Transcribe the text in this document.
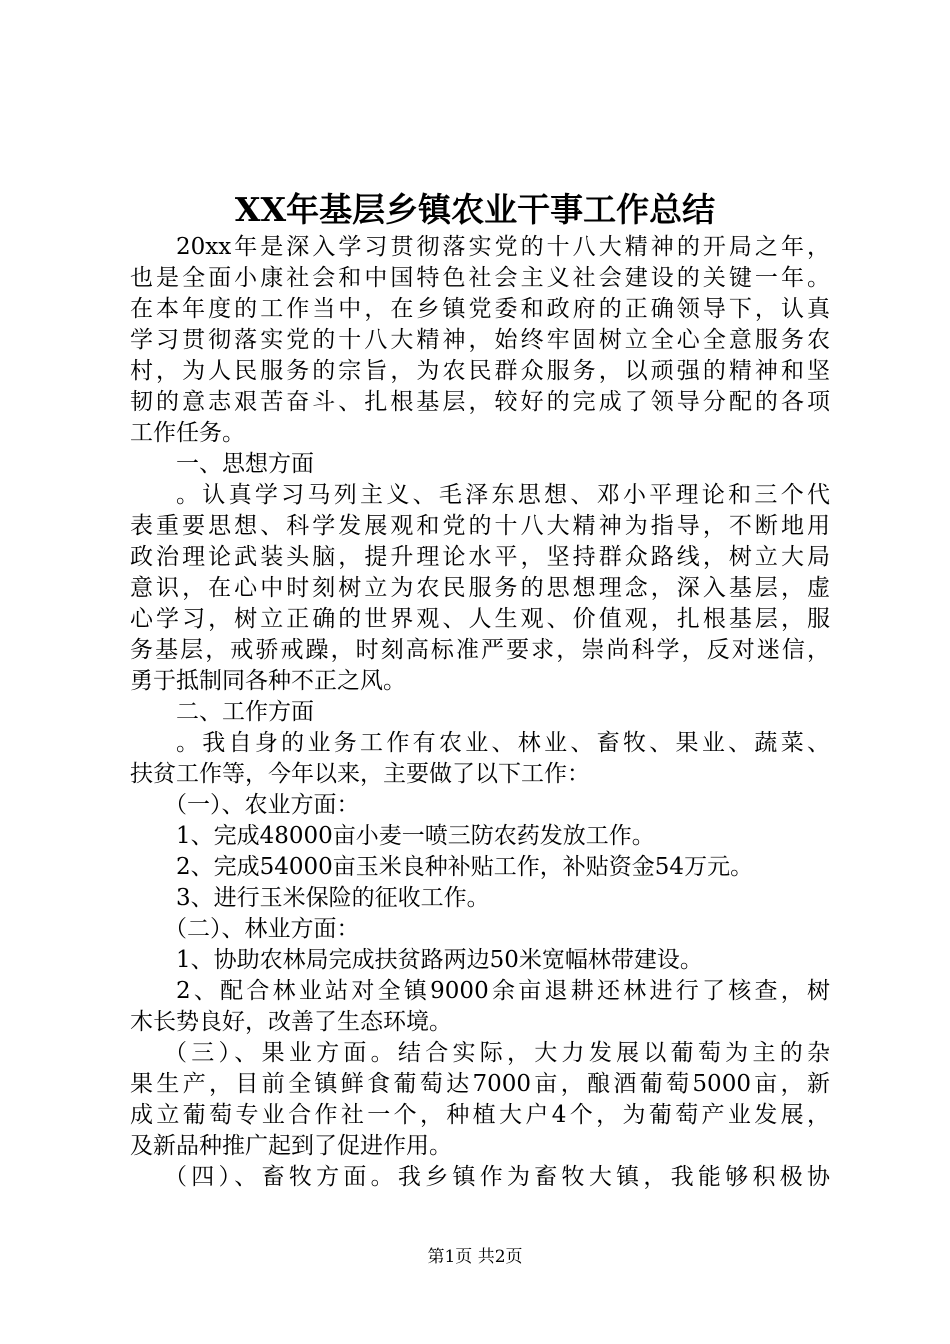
XX年基层乡镇农业干事工作总结
20xx年是深入学习贯彻落实党的十八大精神的开局之年，
也是全面小康社会和中国特色社会主义社会建设的关键一年。
在本年度的工作当中，在乡镇党委和政府的正确领导下，认真
学习贯彻落实党的十八大精神，始终牢固树立全心全意服务农
村，为人民服务的宗旨，为农民群众服务，以顽强的精神和坚
韧的意志艰苦奋斗、扎根基层，较好的完成了领导分配的各项
工作任务。
一、思想方面
。认真学习马列主义、毛泽东思想、邓小平理论和三个代
表重要思想、科学发展观和党的十八大精神为指导，不断地用
政治理论武装头脑，提升理论水平，坚持群众路线，树立大局
意识，在心中时刻树立为农民服务的思想理念，深入基层，虚
心学习，树立正确的世界观、人生观、价值观，扎根基层，服
务基层，戒骄戒躁，时刻高标准严要求，崇尚科学，反对迷信，
勇于抵制同各种不正之风。
二、工作方面
。我自身的业务工作有农业、林业、畜牧、果业、蔬菜、
扶贫工作等，今年以来，主要做了以下工作：
（一）、农业方面：
1、完成48000亩小麦一喷三防农药发放工作。
2、完成54000亩玉米良种补贴工作，补贴资金54万元。
3、进行玉米保险的征收工作。
（二）、林业方面：
1、协助农林局完成扶贫路两边50米宽幅林带建设。
2、配合林业站对全镇9000余亩退耕还林进行了核查，树
木长势良好，改善了生态环境。
（三）、果业方面。结合实际，大力发展以葡萄为主的杂
果生产，目前全镇鲜食葡萄达7000亩，酿酒葡萄5000亩，新
成立葡萄专业合作社一个，种植大户4个，为葡萄产业发展，
及新品种推广起到了促进作用。
（四）、畜牧方面。我乡镇作为畜牧大镇，我能够积极协
第1页 共2页
